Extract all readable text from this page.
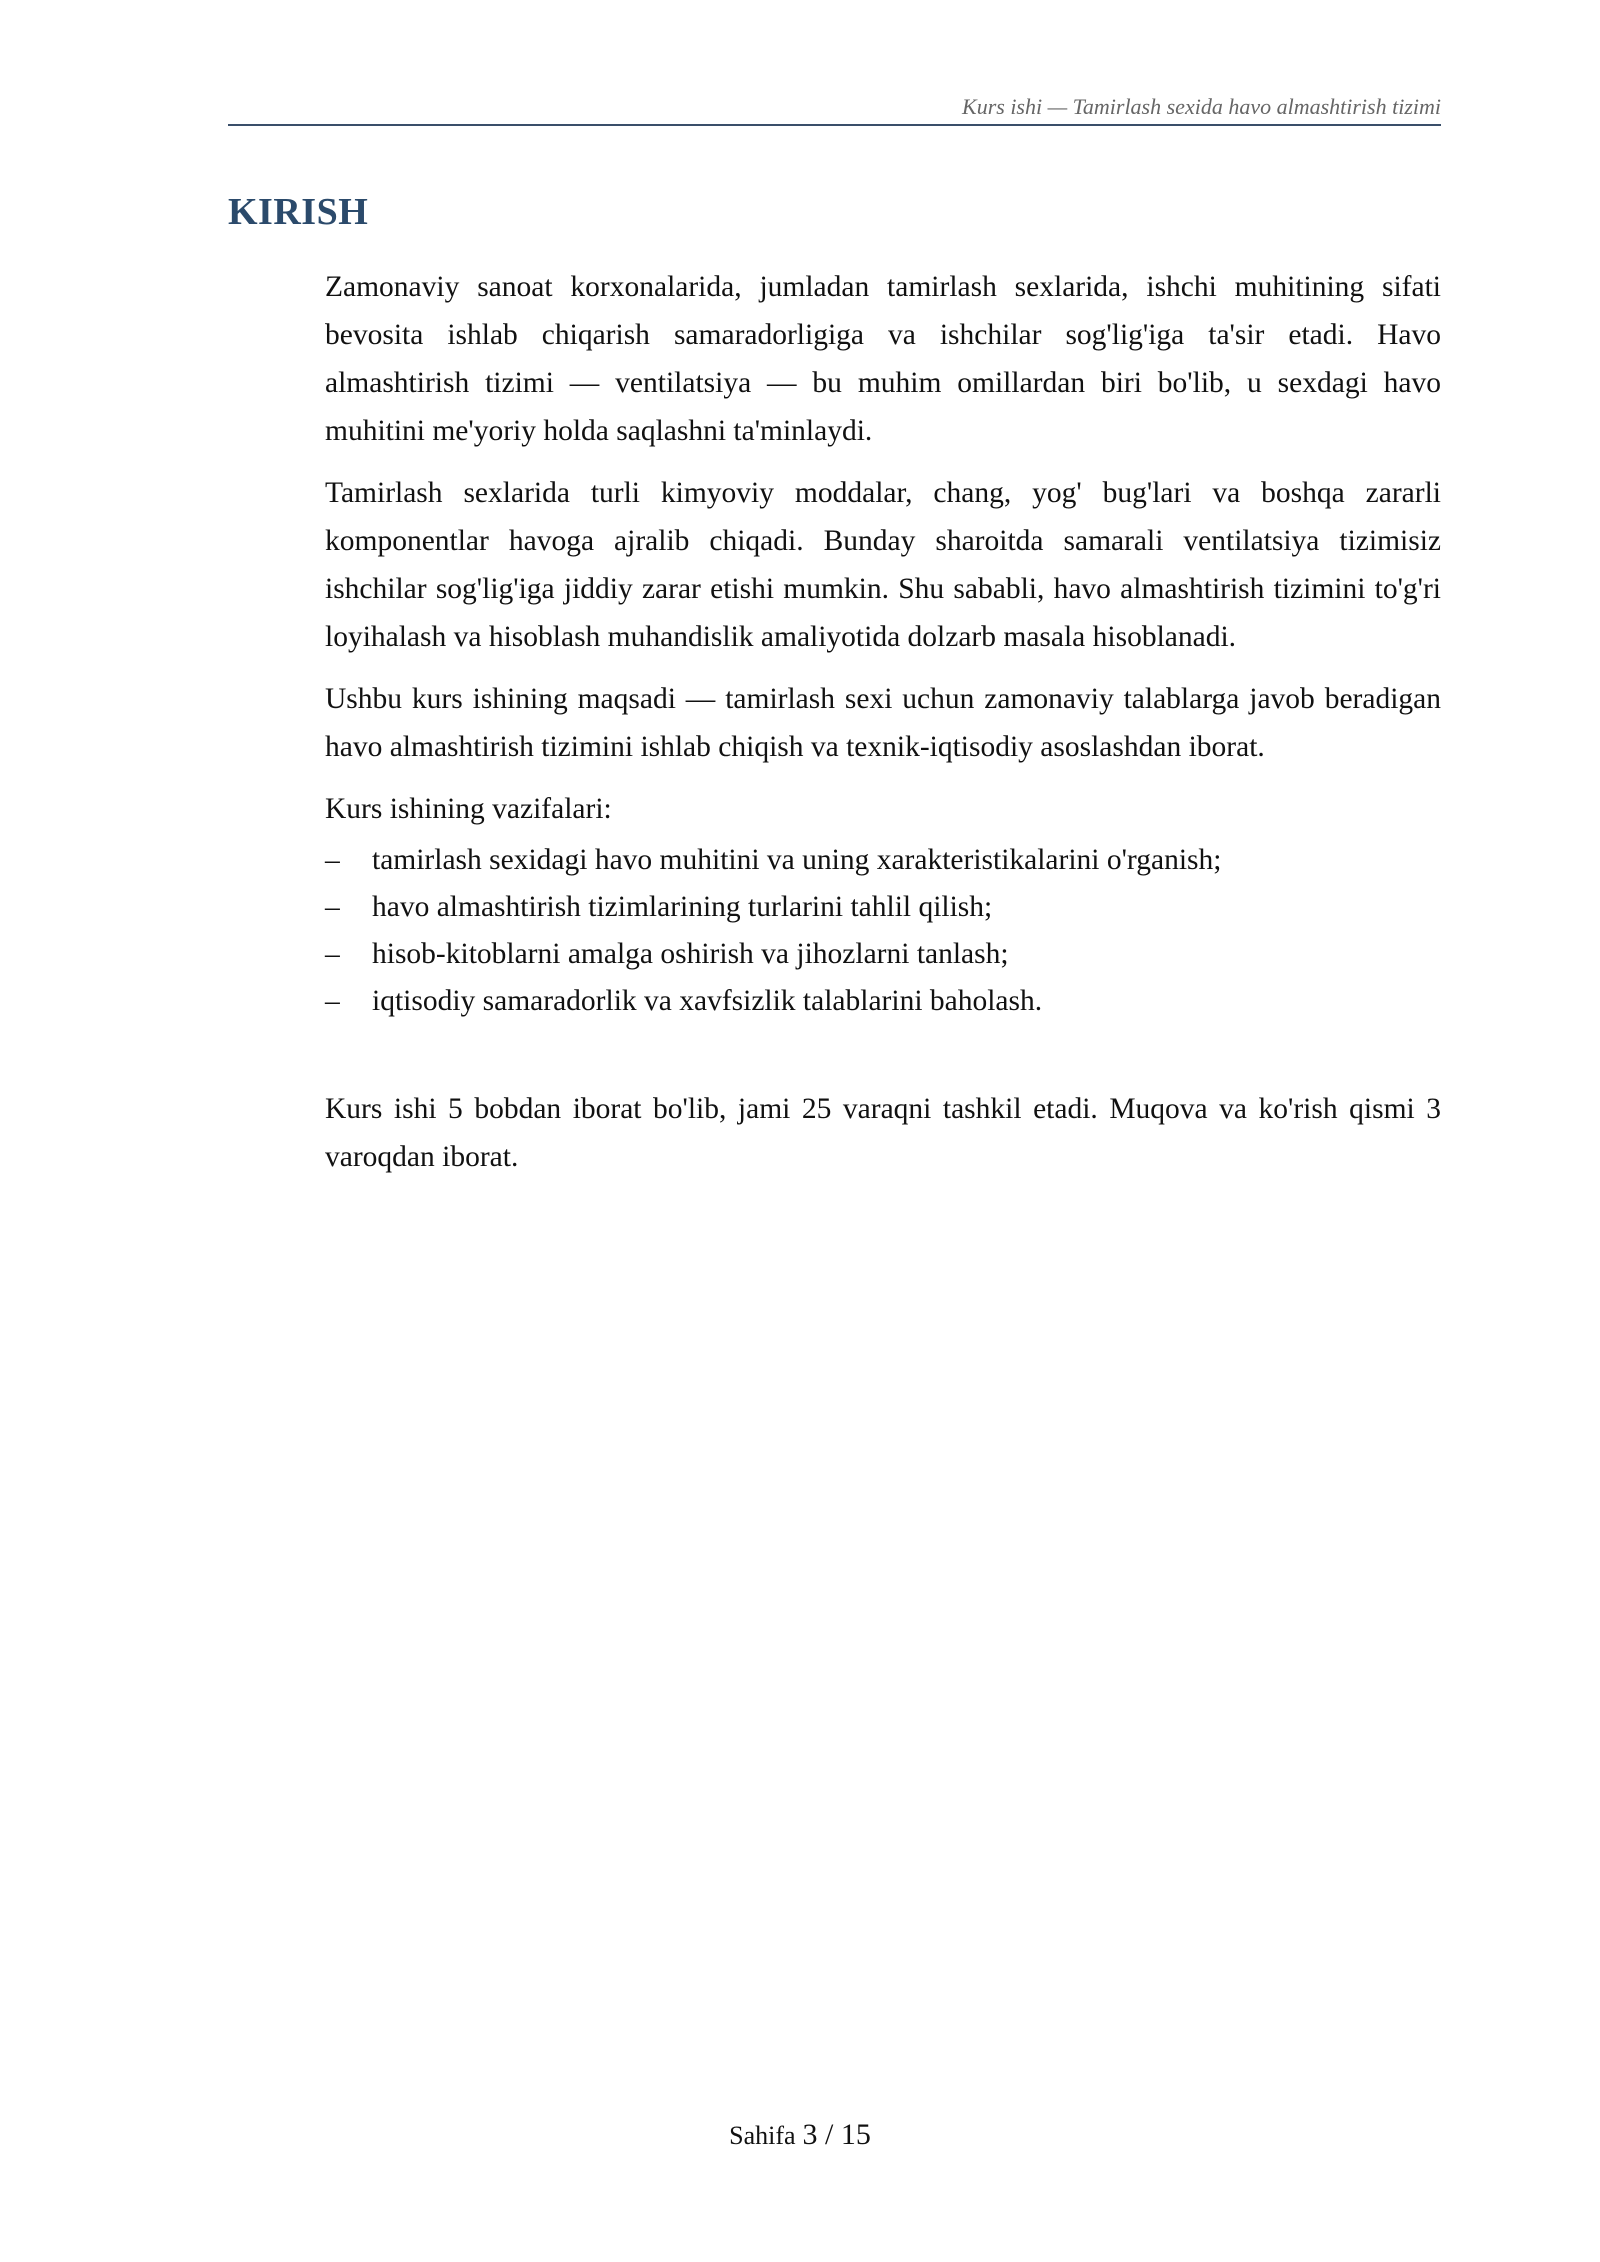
Kurs ishi — Tamirlash sexida havo almashtirish tizimi
KIRISH

Zamonaviy sanoat korxonalarida, jumladan tamirlash sexlarida, ishchi muhitining sifati bevosita ishlab chiqarish samaradorligiga va ishchilar sog'lig'iga ta'sir etadi. Havo almashtirish tizimi — ventilatsiya — bu muhim omillardan biri bo'lib, u sexdagi havo muhitini me'yoriy holda saqlashni ta'minlaydi.

Tamirlash sexlarida turli kimyoviy moddalar, chang, yog' bug'lari va boshqa zararli komponentlar havoga ajralib chiqadi. Bunday sharoitda samarali ventilatsiya tizimisiz ishchilar sog'lig'iga jiddiy zarar etishi mumkin. Shu sababli, havo almashtirish tizimini to'g'ri loyihalash va hisoblash muhandislik amaliyotida dolzarb masala hisoblanadi.

Ushbu kurs ishining maqsadi — tamirlash sexi uchun zamonaviy talablarga javob beradigan havo almashtirish tizimini ishlab chiqish va texnik-iqtisodiy asoslashdan iborat.

Kurs ishining vazifalari:

– tamirlash sexidagi havo muhitini va uning xarakteristikalarini o'rganish;
– havo almashtirish tizimlarining turlarini tahlil qilish;
– hisob-kitoblarni amalga oshirish va jihozlarni tanlash;
– iqtisodiy samaradorlik va xavfsizlik talablarini baholash.

Kurs ishi 5 bobdan iborat bo'lib, jami 25 varaqni tashkil etadi. Muqova va ko'rish qismi 3 varoqdan iborat.

Sahifa 3 / 15
